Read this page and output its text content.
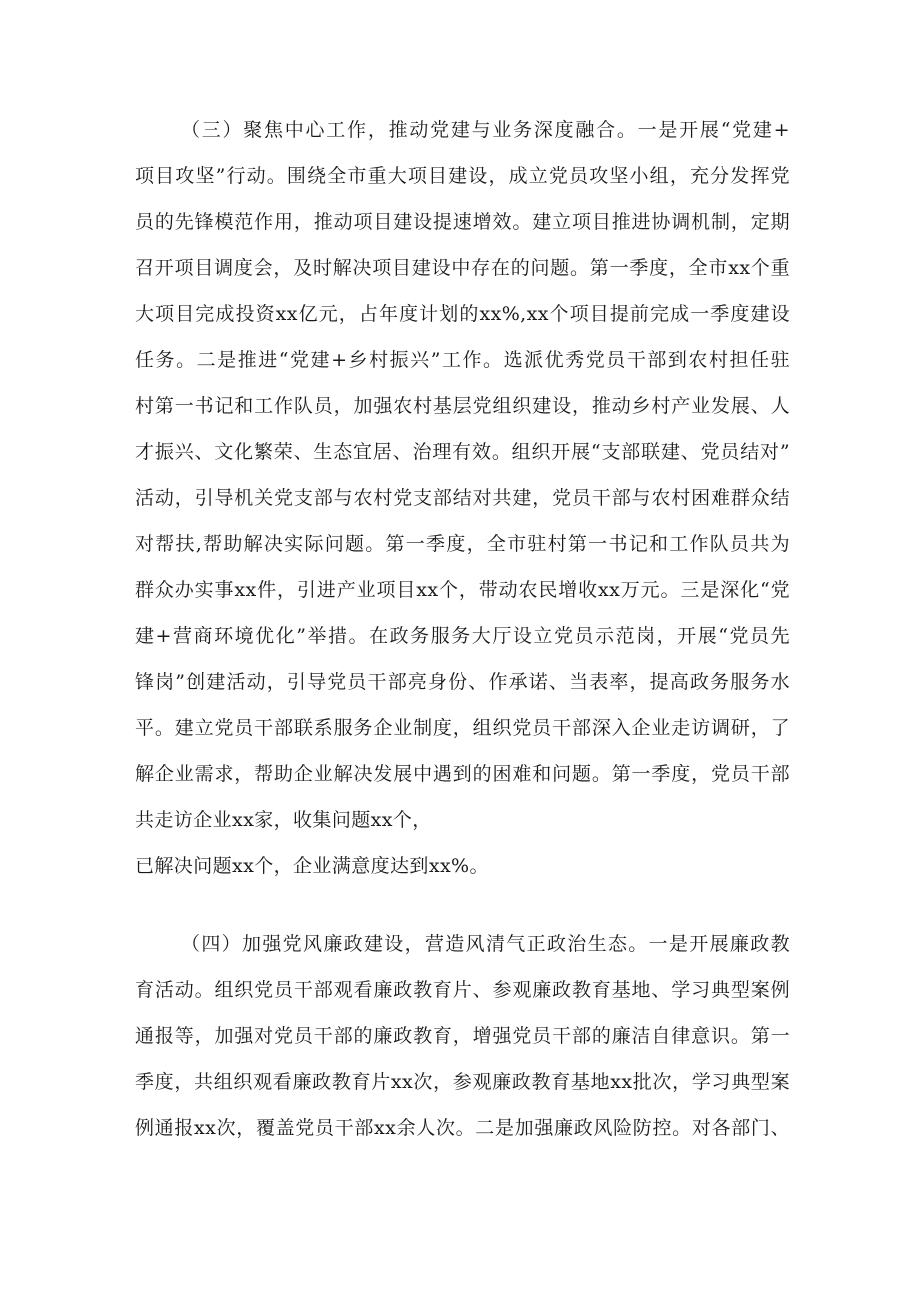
（三）聚焦中心工作，推动党建与业务深度融合。一是开展“党建+
项目攻坚”行动。围绕全市重大项目建设，成立党员攻坚小组，充分发挥党
员的先锋模范作用，推动项目建设提速增效。建立项目推进协调机制，定期
召开项目调度会，及时解决项目建设中存在的问题。第一季度，全市xx个重
大项目完成投资xx亿元，占年度计划的xx%,xx个项目提前完成一季度建设
任务。二是推进“党建+乡村振兴”工作。选派优秀党员干部到农村担任驻
村第一书记和工作队员，加强农村基层党组织建设，推动乡村产业发展、人
才振兴、文化繁荣、生态宜居、治理有效。组织开展“支部联建、党员结对”
活动，引导机关党支部与农村党支部结对共建，党员干部与农村困难群众结
对帮扶,帮助解决实际问题。第一季度，全市驻村第一书记和工作队员共为
群众办实事xx件，引进产业项目xx个，带动农民增收xx万元。三是深化“党
建+营商环境优化”举措。在政务服务大厅设立党员示范岗，开展“党员先
锋岗”创建活动，引导党员干部亮身份、作承诺、当表率，提高政务服务水
平。建立党员干部联系服务企业制度，组织党员干部深入企业走访调研，了
解企业需求，帮助企业解决发展中遇到的困难和问题。第一季度，党员干部
共走访企业xx家，收集问题xx个，
已解决问题xx个，企业满意度达到xx%。
（四）加强党风廉政建设，营造风清气正政治生态。一是开展廉政教
育活动。组织党员干部观看廉政教育片、参观廉政教育基地、学习典型案例
通报等，加强对党员干部的廉政教育，增强党员干部的廉洁自律意识。第一
季度，共组织观看廉政教育片xx次，参观廉政教育基地xx批次，学习典型案
例通报xx次，覆盖党员干部xx余人次。二是加强廉政风险防控。对各部门、
